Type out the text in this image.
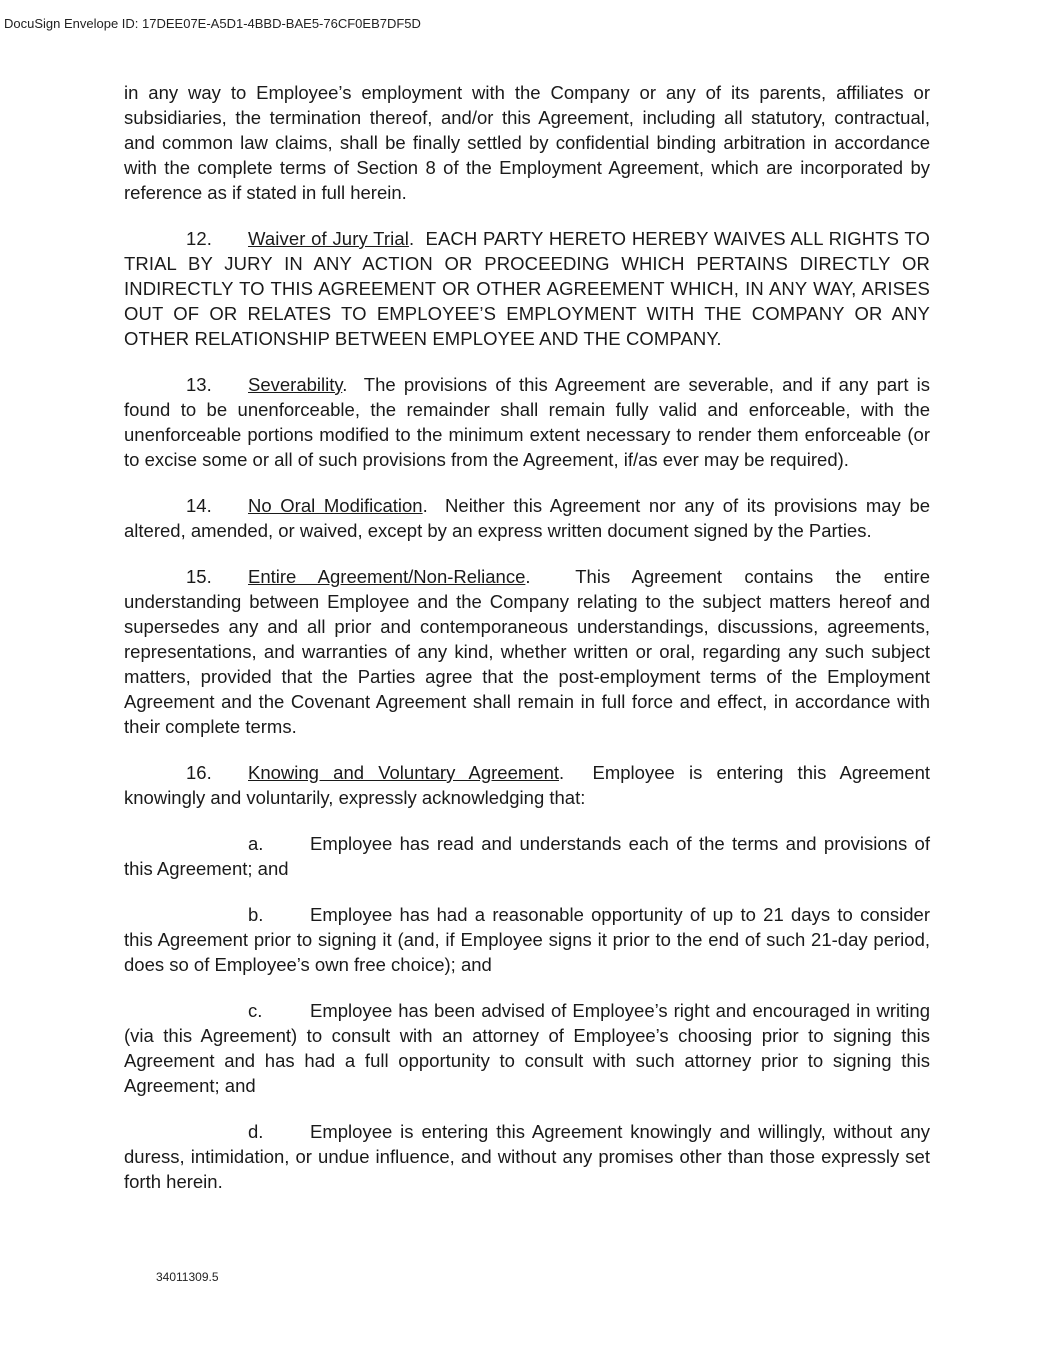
DocuSign Envelope ID: 17DEE07E-A5D1-4BBD-BAE5-76CF0EB7DF5D

in any way to Employee’s employment with the Company or any of its parents, affiliates or subsidiaries, the termination thereof, and/or this Agreement, including all statutory, contractual, and common law claims, shall be finally settled by confidential binding arbitration in accordance with the complete terms of Section 8 of the Employment Agreement, which are incorporated by reference as if stated in full herein.

12. Waiver of Jury Trial.  EACH PARTY HERETO HEREBY WAIVES ALL RIGHTS TO TRIAL BY JURY IN ANY ACTION OR PROCEEDING WHICH PERTAINS DIRECTLY OR INDIRECTLY TO THIS AGREEMENT OR OTHER AGREEMENT WHICH, IN ANY WAY, ARISES OUT OF OR RELATES TO EMPLOYEE’S EMPLOYMENT WITH THE COMPANY OR ANY OTHER RELATIONSHIP BETWEEN EMPLOYEE AND THE COMPANY.

13. Severability.  The provisions of this Agreement are severable, and if any part is found to be unenforceable, the remainder shall remain fully valid and enforceable, with the unenforceable portions modified to the minimum extent necessary to render them enforceable (or to excise some or all of such provisions from the Agreement, if/as ever may be required).

14. No Oral Modification.  Neither this Agreement nor any of its provisions may be altered, amended, or waived, except by an express written document signed by the Parties.

15. Entire Agreement/Non-Reliance.  This Agreement contains the entire understanding between Employee and the Company relating to the subject matters hereof and supersedes any and all prior and contemporaneous understandings, discussions, agreements, representations, and warranties of any kind, whether written or oral, regarding any such subject matters, provided that the Parties agree that the post-employment terms of the Employment Agreement and the Covenant Agreement shall remain in full force and effect, in accordance with their complete terms.

16. Knowing and Voluntary Agreement.  Employee is entering this Agreement knowingly and voluntarily, expressly acknowledging that:

a.	Employee has read and understands each of the terms and provisions of this Agreement; and

b.	Employee has had a reasonable opportunity of up to 21 days to consider this Agreement prior to signing it (and, if Employee signs it prior to the end of such 21-day period, does so of Employee’s own free choice); and

c.	Employee has been advised of Employee’s right and encouraged in writing (via this Agreement) to consult with an attorney of Employee’s choosing prior to signing this Agreement and has had a full opportunity to consult with such attorney prior to signing this Agreement; and

d.	Employee is entering this Agreement knowingly and willingly, without any duress, intimidation, or undue influence, and without any promises other than those expressly set forth herein.

34011309.5
